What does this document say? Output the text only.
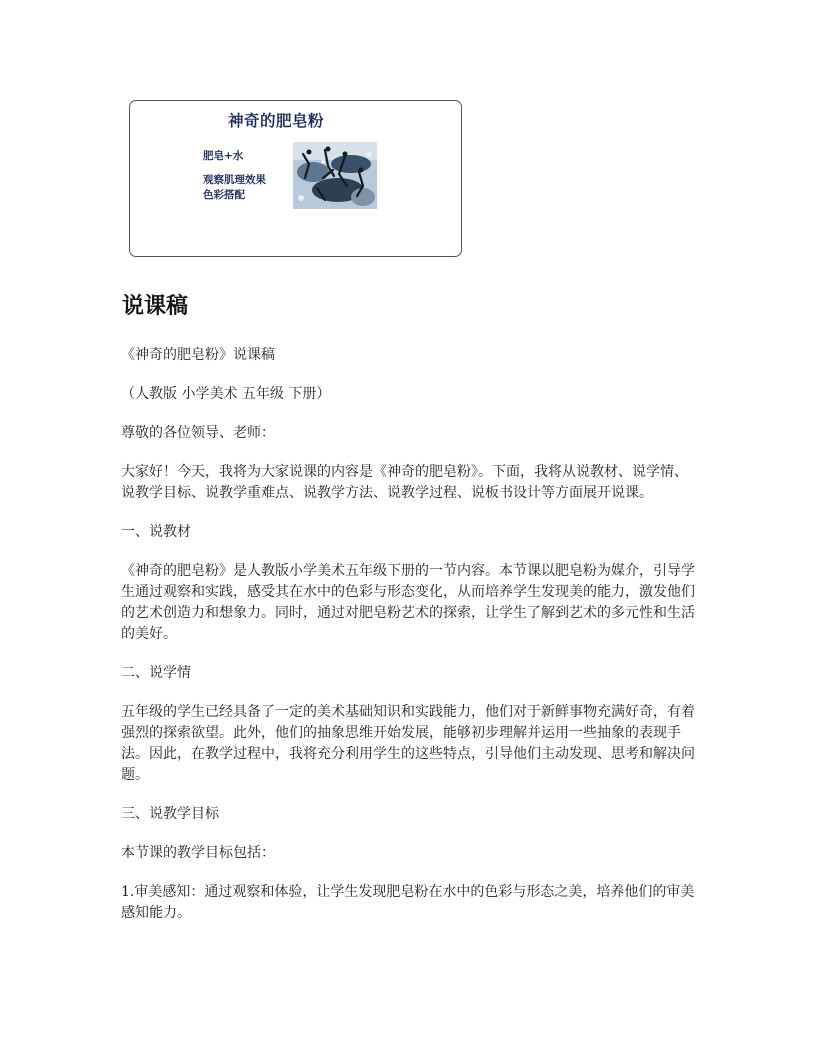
神奇的肥皂粉
肥皂+水
观察肌理效果
色彩搭配
说课稿

《神奇的肥皂粉》说课稿

（人教版 小学美术 五年级 下册）

尊敬的各位领导、老师：

大家好！今天，我将为大家说课的内容是《神奇的肥皂粉》。下面，我将从说教材、说学情、说教学目标、说教学重难点、说教学方法、说教学过程、说板书设计等方面展开说课。

一、说教材

《神奇的肥皂粉》是人教版小学美术五年级下册的一节内容。本节课以肥皂粉为媒介，引导学生通过观察和实践，感受其在水中的色彩与形态变化，从而培养学生发现美的能力，激发他们的艺术创造力和想象力。同时，通过对肥皂粉艺术的探索，让学生了解到艺术的多元性和生活的美好。

二、说学情

五年级的学生已经具备了一定的美术基础知识和实践能力，他们对于新鲜事物充满好奇，有着强烈的探索欲望。此外，他们的抽象思维开始发展，能够初步理解并运用一些抽象的表现手法。因此，在教学过程中，我将充分利用学生的这些特点，引导他们主动发现、思考和解决问题。

三、说教学目标

本节课的教学目标包括：

1.审美感知：通过观察和体验，让学生发现肥皂粉在水中的色彩与形态之美，培养他们的审美感知能力。
